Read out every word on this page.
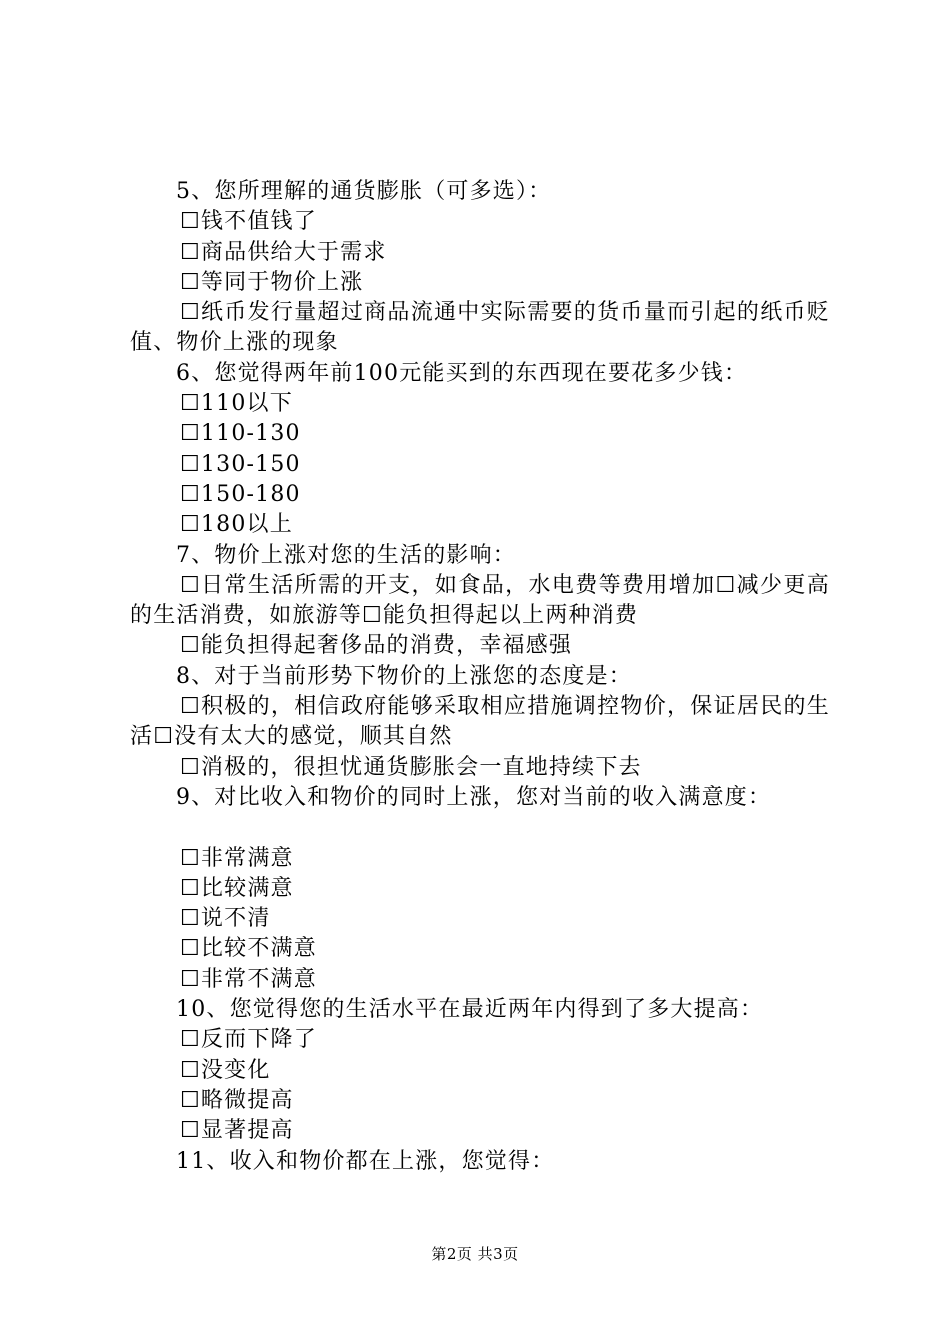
5、您所理解的通货膨胀（可多选）：

☐钱不值钱了

☐商品供给大于需求

☐等同于物价上涨

☐纸币发行量超过商品流通中实际需要的货币量而引起的纸币贬值、物价上涨的现象

6、您觉得两年前100元能买到的东西现在要花多少钱：

☐110以下

☐110-130

☐130-150

☐150-180

☐180以上

7、物价上涨对您的生活的影响：

☐日常生活所需的开支，如食品，水电费等费用增加☐减少更高的生活消费，如旅游等☐能负担得起以上两种消费

☐能负担得起奢侈品的消费，幸福感强

8、对于当前形势下物价的上涨您的态度是：

☐积极的，相信政府能够采取相应措施调控物价，保证居民的生活☐没有太大的感觉，顺其自然

☐消极的，很担忧通货膨胀会一直地持续下去

9、对比收入和物价的同时上涨，您对当前的收入满意度：

☐非常满意

☐比较满意

☐说不清

☐比较不满意

☐非常不满意

10、您觉得您的生活水平在最近两年内得到了多大提高：

☐反而下降了

☐没变化

☐略微提高

☐显著提高

11、收入和物价都在上涨，您觉得：

第2页 共3页
